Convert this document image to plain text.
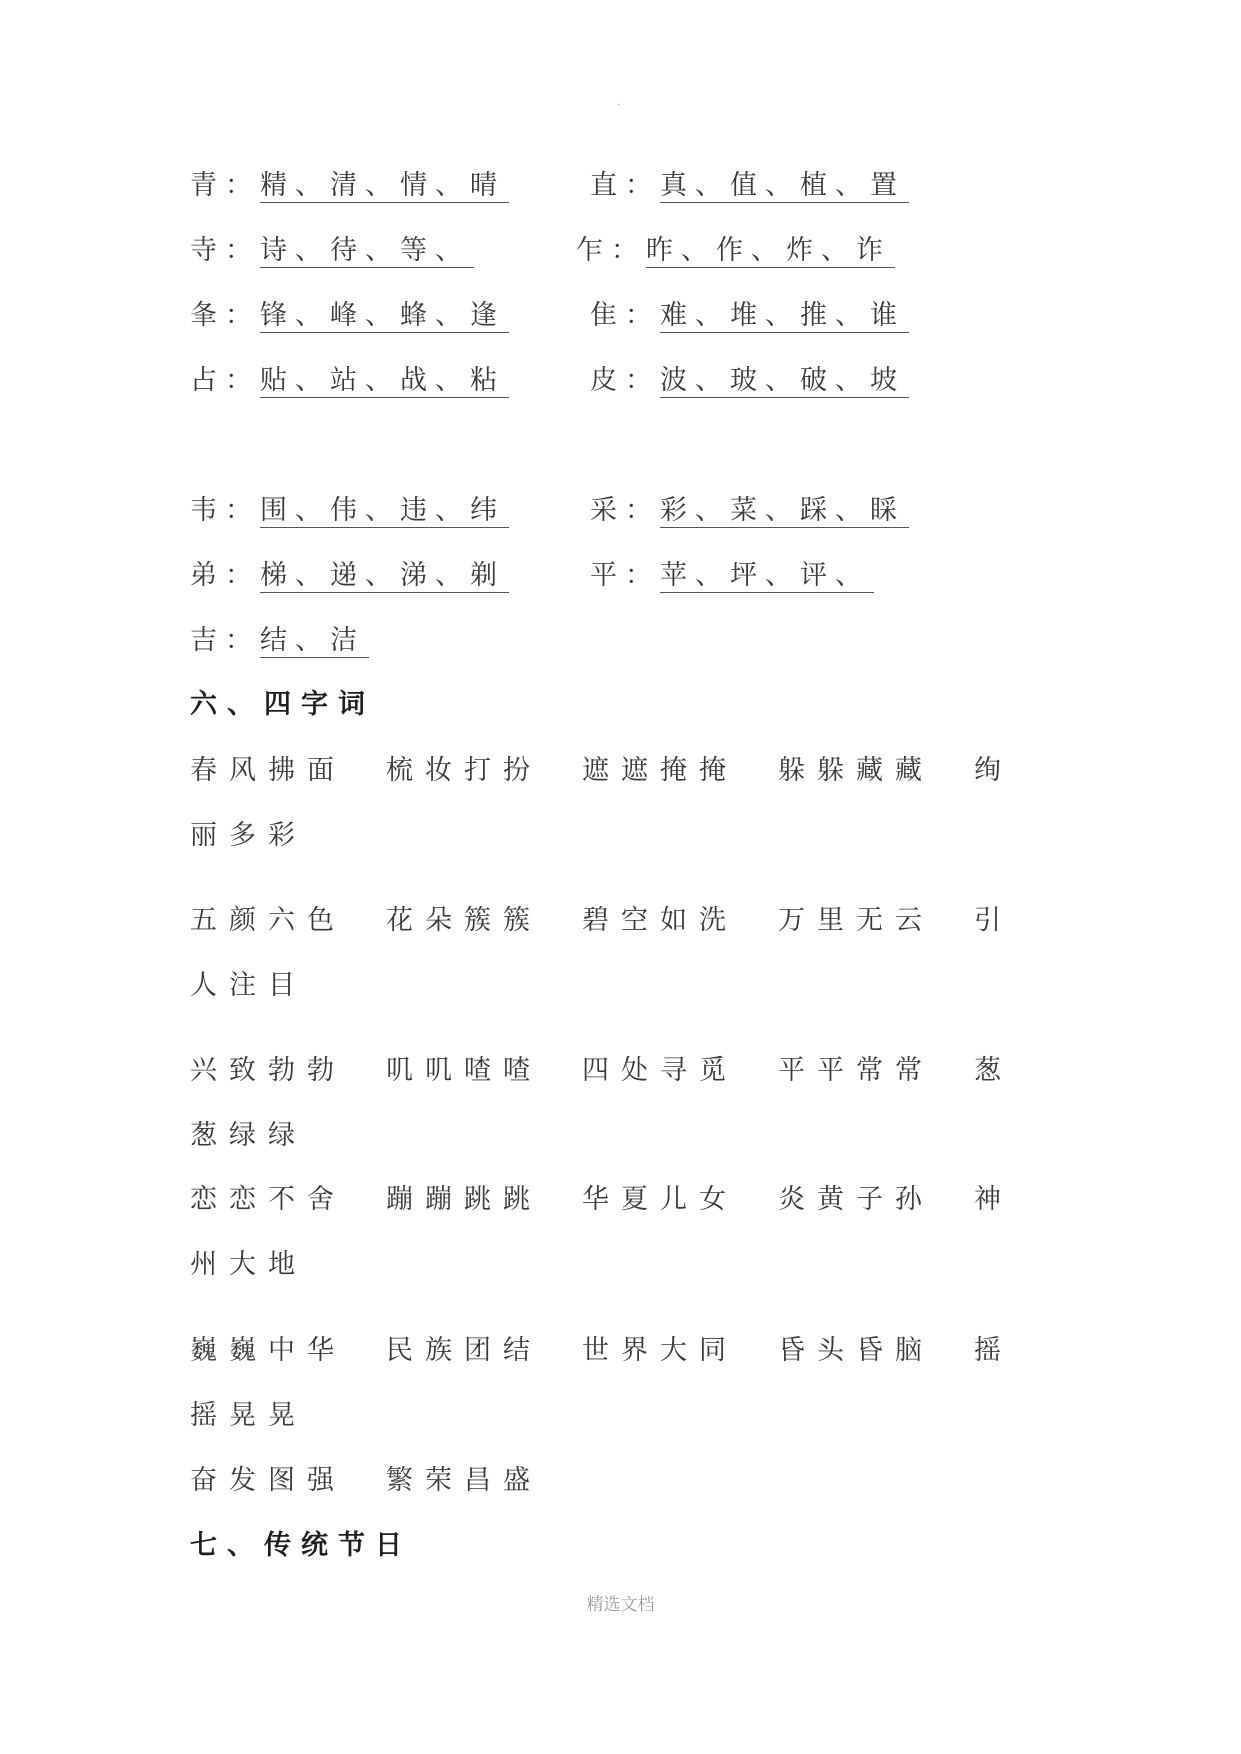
.
青：精、清、情、晴	直：真、值、植、置
寺：诗、待、等、	乍：昨、作、炸、诈
夆：锋、峰、蜂、逢	隹：难、堆、推、谁
占：贴、站、战、粘	皮：波、玻、破、坡
韦：围、伟、违、纬	采：彩、菜、踩、睬
弟：梯、递、涕、剃	平：苹、坪、评、
吉：结、洁
六、四字词
春风拂面 梳妆打扮 遮遮掩掩 躲躲藏藏 绚
丽多彩
五颜六色 花朵簇簇 碧空如洗 万里无云 引
人注目
兴致勃勃 叽叽喳喳 四处寻觅 平平常常 葱
葱绿绿
恋恋不舍 蹦蹦跳跳 华夏儿女 炎黄子孙 神
州大地
巍巍中华 民族团结 世界大同 昏头昏脑 摇
摇晃晃
奋发图强 繁荣昌盛
七、传统节日
精选文档
